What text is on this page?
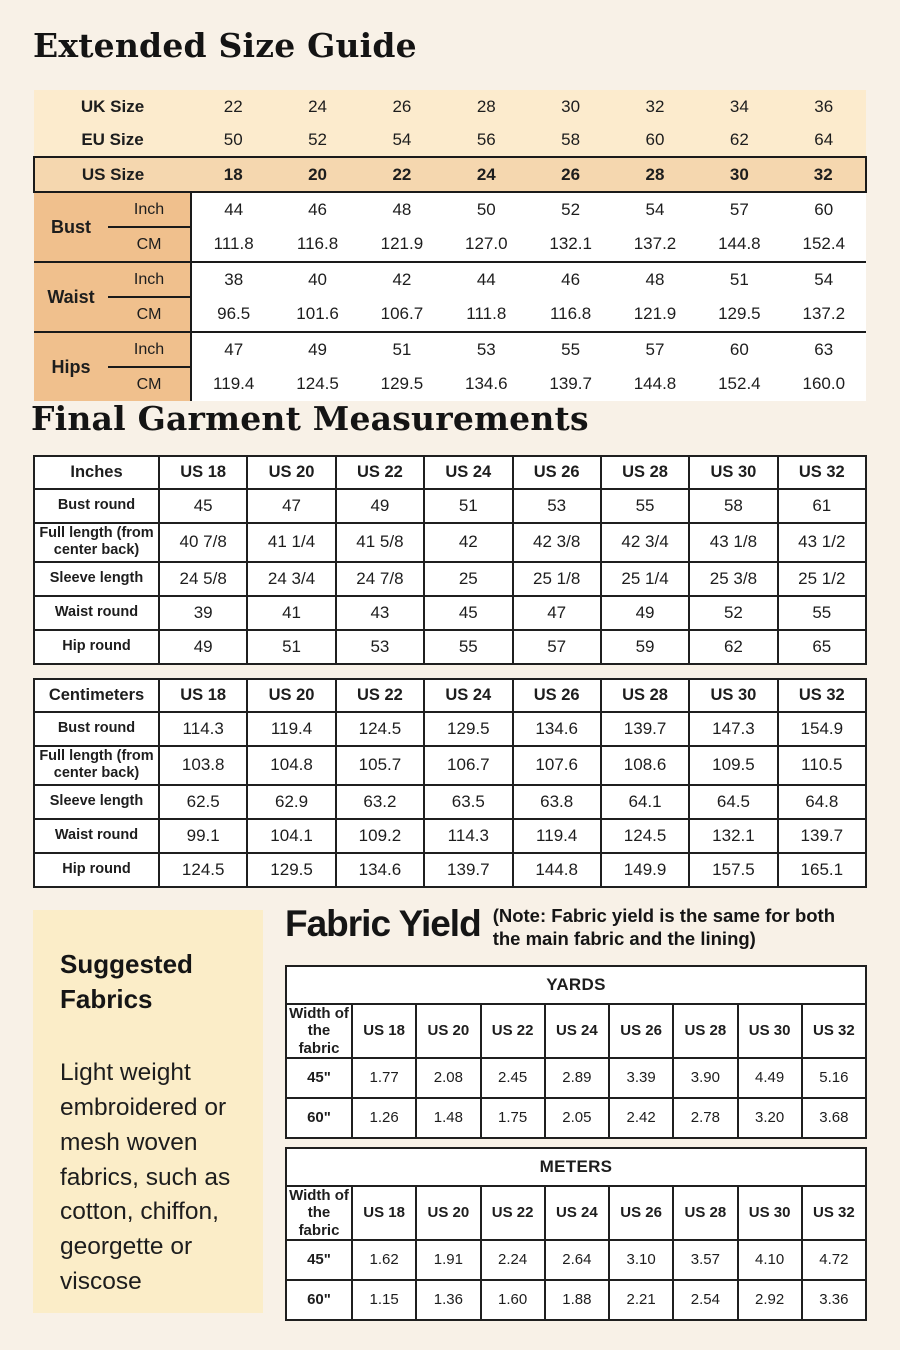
Extended Size Guide
UK Size		22	24	26	28	30	32	34	36
EU Size		50	52	54	56	58	60	62	64
US Size		18	20	22	24	26	28	30	32
Bust	Inch	44	46	48	50	52	54	57	60
	CM	111.8	116.8	121.9	127.0	132.1	137.2	144.8	152.4
Waist	Inch	38	40	42	44	46	48	51	54
	CM	96.5	101.6	106.7	111.8	116.8	121.9	129.5	137.2
Hips	Inch	47	49	51	53	55	57	60	63
	CM	119.4	124.5	129.5	134.6	139.7	144.8	152.4	160.0
Final Garment Measurements
Inches	US 18	US 20	US 22	US 24	US 26	US 28	US 30	US 32
Bust round	45	47	49	51	53	55	58	61
Full length (from center back)	40 7/8	41 1/4	41 5/8	42	42 3/8	42 3/4	43 1/8	43 1/2
Sleeve length	24 5/8	24 3/4	24 7/8	25	25 1/8	25 1/4	25 3/8	25 1/2
Waist round	39	41	43	45	47	49	52	55
Hip round	49	51	53	55	57	59	62	65
Centimeters	US 18	US 20	US 22	US 24	US 26	US 28	US 30	US 32
Bust round	114.3	119.4	124.5	129.5	134.6	139.7	147.3	154.9
Full length (from center back)	103.8	104.8	105.7	106.7	107.6	108.6	109.5	110.5
Sleeve length	62.5	62.9	63.2	63.5	63.8	64.1	64.5	64.8
Waist round	99.1	104.1	109.2	114.3	119.4	124.5	132.1	139.7
Hip round	124.5	129.5	134.6	139.7	144.8	149.9	157.5	165.1
Suggested Fabrics

Light weight embroidered or mesh woven fabrics, such as cotton, chiffon, georgette or viscose

Fabric Yield (Note: Fabric yield is the same for both the main fabric and the lining)

YARDS								
Width of the fabric	US 18	US 20	US 22	US 24	US 26	US 28	US 30	US 32
45"	1.77	2.08	2.45	2.89	3.39	3.90	4.49	5.16
60"	1.26	1.48	1.75	2.05	2.42	2.78	3.20	3.68
METERS								
Width of the fabric	US 18	US 20	US 22	US 24	US 26	US 28	US 30	US 32
45"	1.62	1.91	2.24	2.64	3.10	3.57	4.10	4.72
60"	1.15	1.36	1.60	1.88	2.21	2.54	2.92	3.36
